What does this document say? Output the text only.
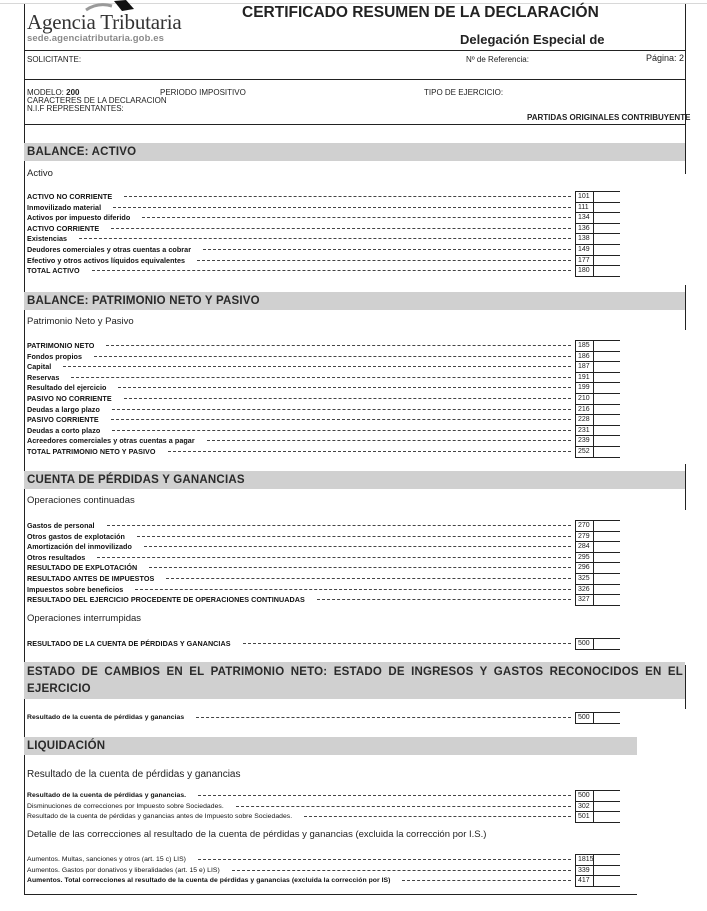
Agencia Tributaria
sede.agenciatributaria.gob.es
CERTIFICADO RESUMEN DE LA DECLARACIÓN
Delegación Especial de
SOLICITANTE:	Nº de Referencia:	Página: 2
MODELO: 200	PERIODO IMPOSITIVO	TIPO DE EJERCICIO:
CARACTERES DE LA DECLARACION
N.I.F REPRESENTANTES:
PARTIDAS ORIGINALES CONTRIBUYENTE
BALANCE: ACTIVO
Activo
ACTIVO NO CORRIENTE	101
Inmovilizado material	111
Activos por impuesto diferido	134
ACTIVO CORRIENTE	136
Existencias	138
Deudores comerciales y otras cuentas a cobrar	149
Efectivo y otros activos líquidos equivalentes	177
TOTAL ACTIVO	180
BALANCE: PATRIMONIO NETO Y PASIVO
Patrimonio Neto y Pasivo
PATRIMONIO NETO	185
Fondos propios	186
Capital	187
Reservas	191
Resultado del ejercicio	199
PASIVO NO CORRIENTE	210
Deudas a largo plazo	216
PASIVO CORRIENTE	228
Deudas a corto plazo	231
Acreedores comerciales y otras cuentas a pagar	239
TOTAL PATRIMONIO NETO Y PASIVO	252
CUENTA DE PÉRDIDAS Y GANANCIAS
Operaciones continuadas
Gastos de personal	270
Otros gastos de explotación	279
Amortización del inmovilizado	284
Otros resultados	295
RESULTADO DE EXPLOTACIÓN	296
RESULTADO ANTES DE IMPUESTOS	325
Impuestos sobre beneficios	326
RESULTADO DEL EJERCICIO PROCEDENTE DE OPERACIONES CONTINUADAS	327
Operaciones interrumpidas
RESULTADO DE LA CUENTA DE PÉRDIDAS Y GANANCIAS	500
ESTADO DE CAMBIOS EN EL PATRIMONIO NETO: ESTADO DE INGRESOS Y GASTOS RECONOCIDOS EN EL EJERCICIO
Resultado de la cuenta de pérdidas y ganancias	500
LIQUIDACIÓN
Resultado de la cuenta de pérdidas y ganancias
Resultado de la cuenta de pérdidas y ganancias.	500
Disminuciones de correcciones por Impuesto sobre Sociedades.	302
Resultado de la cuenta de pérdidas y ganancias antes de Impuesto sobre Sociedades.	501
Detalle de las correcciones al resultado de la cuenta de pérdidas y ganancias (excluida la corrección por I.S.)
Aumentos. Multas, sanciones y otros (art. 15 c) LIS)	1815
Aumentos. Gastos por donativos y liberalidades (art. 15 e) LIS)	339
Aumentos. Total correcciones al resultado de la cuenta de pérdidas y ganancias (excluida la corrección por IS)	417
